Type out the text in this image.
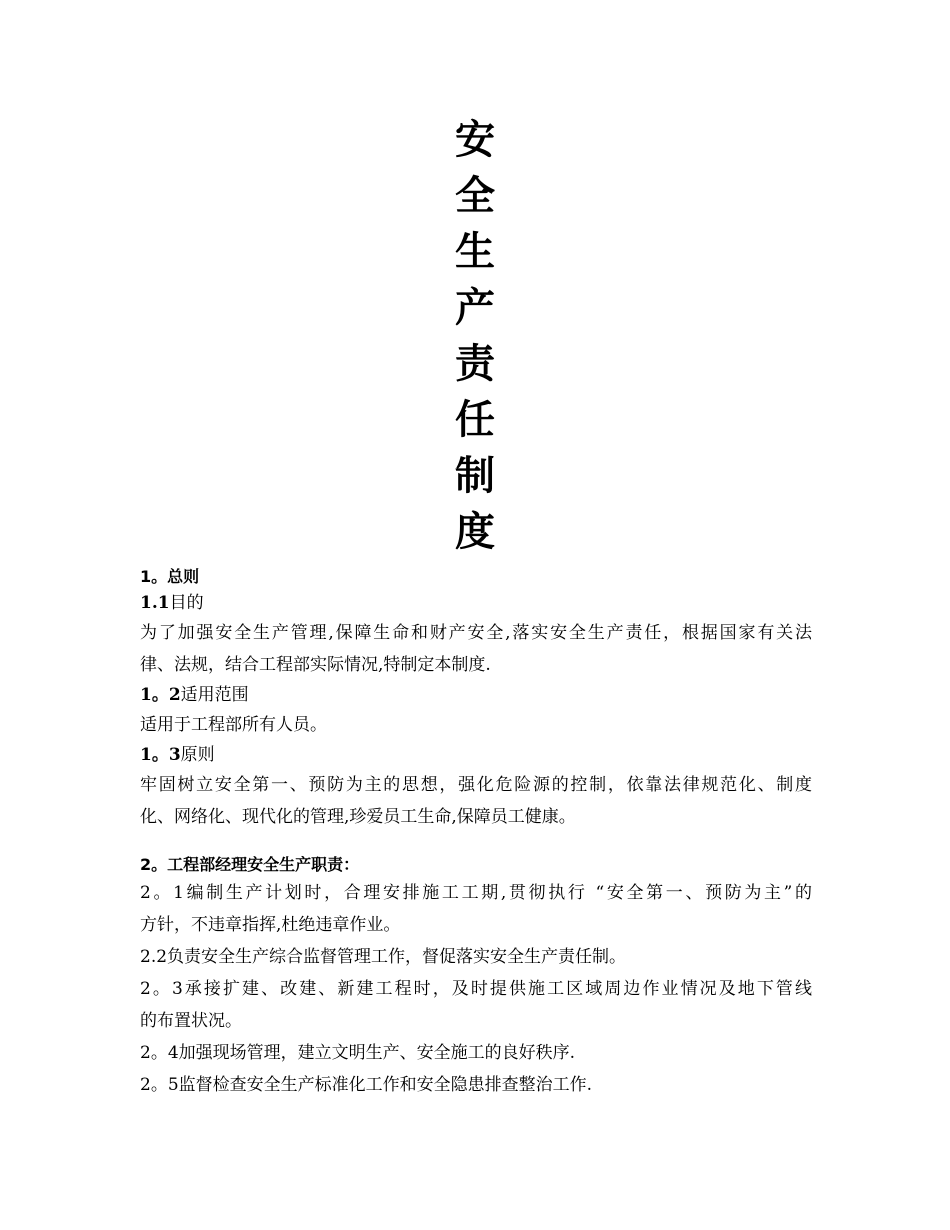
安
全
生
产
责
任
制
度
1。总则
1.1目的
为了加强安全生产管理,保障生命和财产安全,落实安全生产责任，根据国家有关法
律、法规，结合工程部实际情况,特制定本制度.
1。2适用范围
适用于工程部所有人员。
1。3原则
牢固树立安全第一、预防为主的思想，强化危险源的控制，依靠法律规范化、制度
化、网络化、现代化的管理,珍爱员工生命,保障员工健康。
2。工程部经理安全生产职责：
2。1编制生产计划时，合理安排施工工期,贯彻执行 “安全第一、预防为主”的
方针，不违章指挥,杜绝违章作业。
2.2负责安全生产综合监督管理工作，督促落实安全生产责任制。
2。3承接扩建、改建、新建工程时，及时提供施工区域周边作业情况及地下管线
的布置状况。
2。4加强现场管理，建立文明生产、安全施工的良好秩序.
2。5监督检查安全生产标准化工作和安全隐患排查整治工作.
